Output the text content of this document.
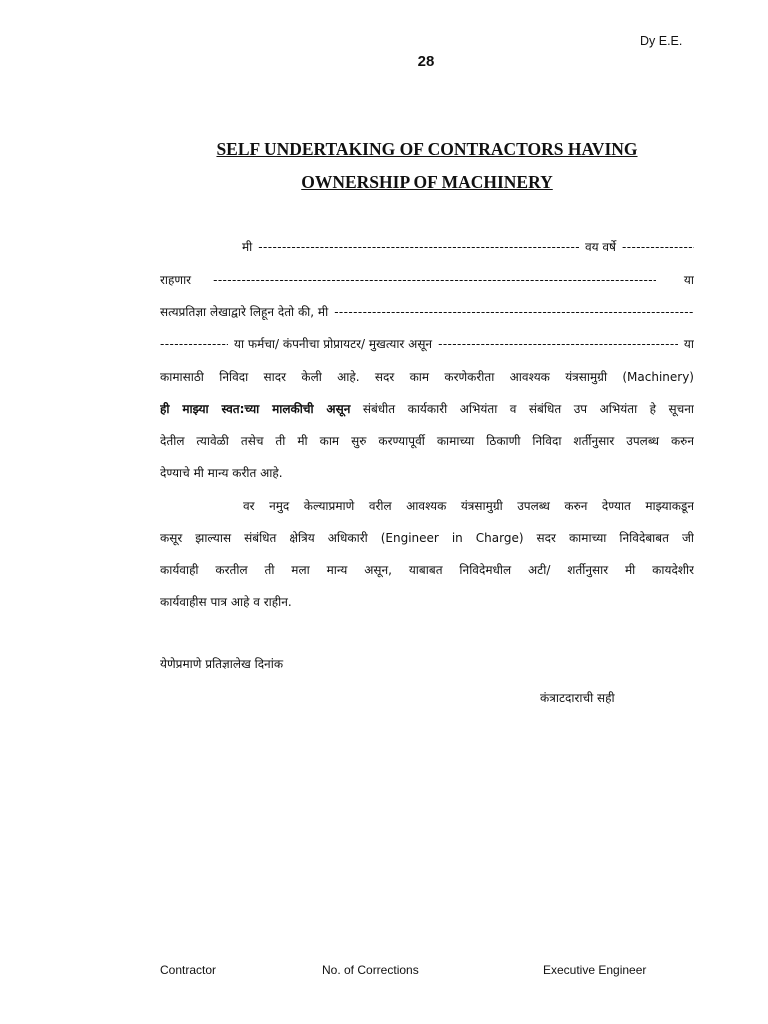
Dy E.E.
28
SELF UNDERTAKING OF CONTRACTORS HAVING
OWNERSHIP OF MACHINERY
मी -----	वय वर्षे
-----
राहणार -----	या
सत्यप्रतिज्ञा लेखाद्वारे लिहून देतो की, मी
-----
-----
या फर्मचा/ कंपनीचा प्रोप्रायटर/ मुखत्यार असून -----	या
कामासाठी निविदा सादर केली आहे. सदर काम करणेकरीता आवश्यक यंत्रसामुग्री (Machinery)
ही माझ्या स्वत:च्या मालकीची असून संबंधीत कार्यकारी अभियंता व संबंधित उप अभियंता हे सूचना
देतील त्यावेळी तसेच ती मी काम सुरु करण्यापूर्वी कामाच्या ठिकाणी निविदा शर्तीनुसार उपलब्ध करुन
देण्याचे मी मान्य करीत आहे.
वर नमुद केल्याप्रमाणे वरील आवश्यक यंत्रसामुग्री उपलब्ध करुन देण्यात माझ्याकडून
कसूर झाल्यास संबंधित क्षेत्रिय अधिकारी (Engineer in Charge) सदर कामाच्या निविदेबाबत जी
कार्यवाही करतील ती मला मान्य असून, याबाबत निविदेमधील अटी/ शर्तीनुसार मी कायदेशीर
कार्यवाहीस पात्र आहे व राहीन.
येणेप्रमाणे प्रतिज्ञालेख दिनांक
कंत्राटदाराची सही
Contractor	No. of Corrections	Executive Engineer
